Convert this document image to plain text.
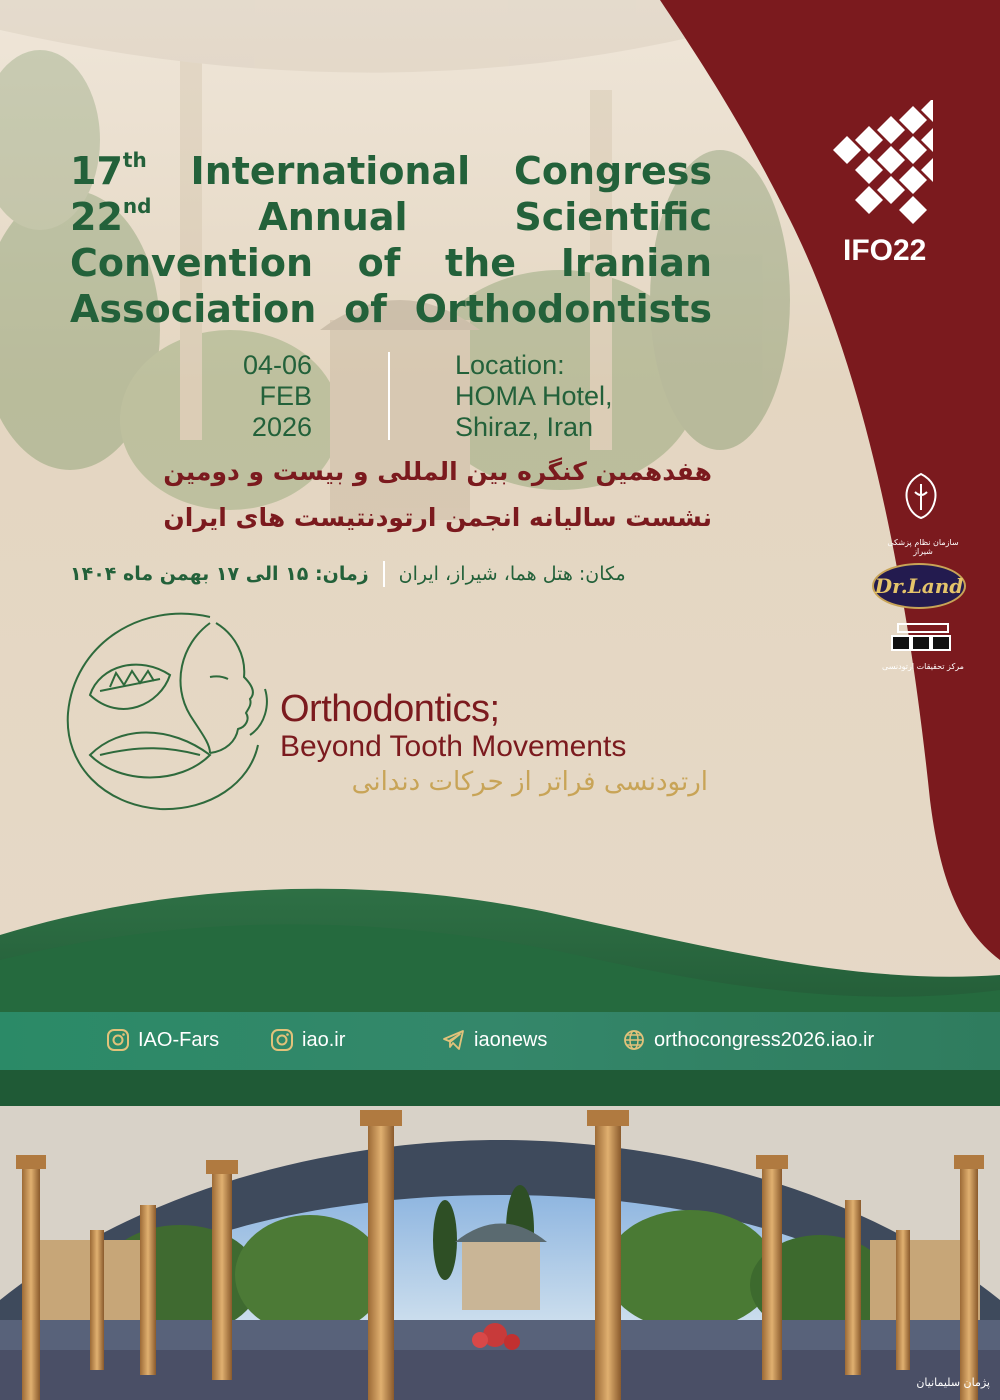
IFO22
سازمان نظام پزشکی شیراز
Dr.Land
مرکز تحقیقات ارتودنسی
17th International Congress
22nd Annual Scientific
Convention of the Iranian
Association of Orthodontists
04-06
FEB
2026
Location:
HOMA Hotel,
Shiraz, Iran
هفدهمین کنگره بین المللی و بیست و دومین
نشست سالیانه انجمن ارتودنتیست های ایران
زمان: ۱۵ الی ۱۷ بهمن ماه ۱۴۰۴ مکان: هتل هما، شیراز، ایران
Orthodontics;
Beyond Tooth Movements
ارتودنسی فراتر از حرکات دندانی
IAO-Fars	iao.ir	iaonews	orthocongress2026.iao.ir
پژمان سلیمانیان
